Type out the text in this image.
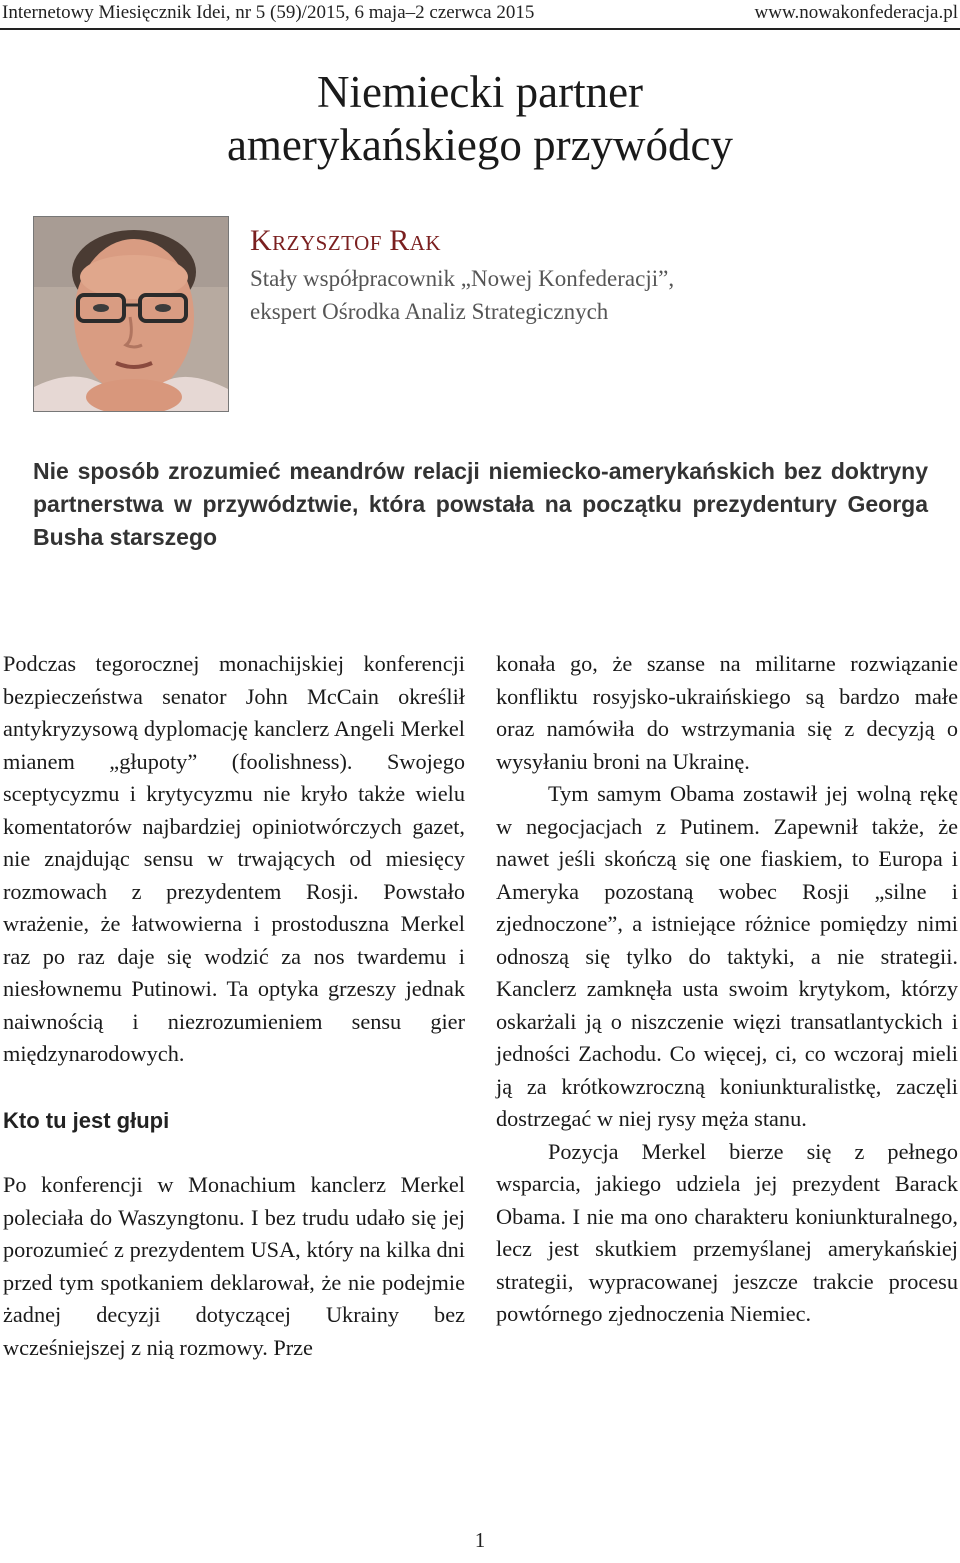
Internetowy Miesięcznik Idei, nr 5 (59)/2015, 6 maja–2 czerwca 2015	www.nowakonfederacja.pl
Niemiecki partner
amerykańskiego przywódcy
KRZYSZTOF RAK
Stały współpracownik „Nowej Konfederacji”,
ekspert Ośrodka Analiz Strategicznych
Nie sposób zrozumieć meandrów relacji niemiecko-amerykańskich bez doktryny partnerstwa w przywództwie, która powstała na początku prezydentury Georga Busha starszego

Podczas tegorocznej monachijskiej konferencji bezpieczeństwa senator John McCain określił antykryzysową dyplomację kanclerz Angeli Merkel mianem „głupoty” (foolishness). Swojego sceptycyzmu i krytycyzmu nie kryło także wielu komentatorów najbardziej opiniotwórczych gazet, nie znajdując sensu w trwających od miesięcy rozmowach z prezydentem Rosji. Powstało wrażenie, że łatwowierna i prostoduszna Merkel raz po raz daje się wodzić za nos twardemu i niesłownemu Putinowi. Ta optyka grzeszy jednak naiwnością i niezrozumieniem sensu gier międzynarodowych.

Kto tu jest głupi

Po konferencji w Monachium kanclerz Merkel poleciała do Waszyngtonu. I bez trudu udało się jej porozumieć z prezydentem USA, który na kilka dni przed tym spotkaniem deklarował, że nie podejmie żadnej decyzji dotyczącej Ukrainy bez wcześniejszej z nią rozmowy. Prze

konała go, że szanse na militarne rozwiązanie konfliktu rosyjsko-ukraińskiego są bardzo małe oraz namówiła do wstrzymania się z decyzją o wysyłaniu broni na Ukrainę.

Tym samym Obama zostawił jej wolną rękę w negocjacjach z Putinem. Zapewnił także, że nawet jeśli skończą się one fiaskiem, to Europa i Ameryka pozostaną wobec Rosji „silne i zjednoczone”, a istniejące różnice pomiędzy nimi odnoszą się tylko do taktyki, a nie strategii. Kanclerz zamknęła usta swoim krytykom, którzy oskarżali ją o niszczenie więzi transatlantyckich i jedności Zachodu. Co więcej, ci, co wczoraj mieli ją za krótkowzroczną koniunkturalistkę, zaczęli dostrzegać w niej rysy męża stanu.

Pozycja Merkel bierze się z pełnego wsparcia, jakiego udziela jej prezydent Barack Obama. I nie ma ono charakteru koniunkturalnego, lecz jest skutkiem przemyślanej amerykańskiej strategii, wypracowanej jeszcze trakcie procesu powtórnego zjednoczenia Niemiec.

1
